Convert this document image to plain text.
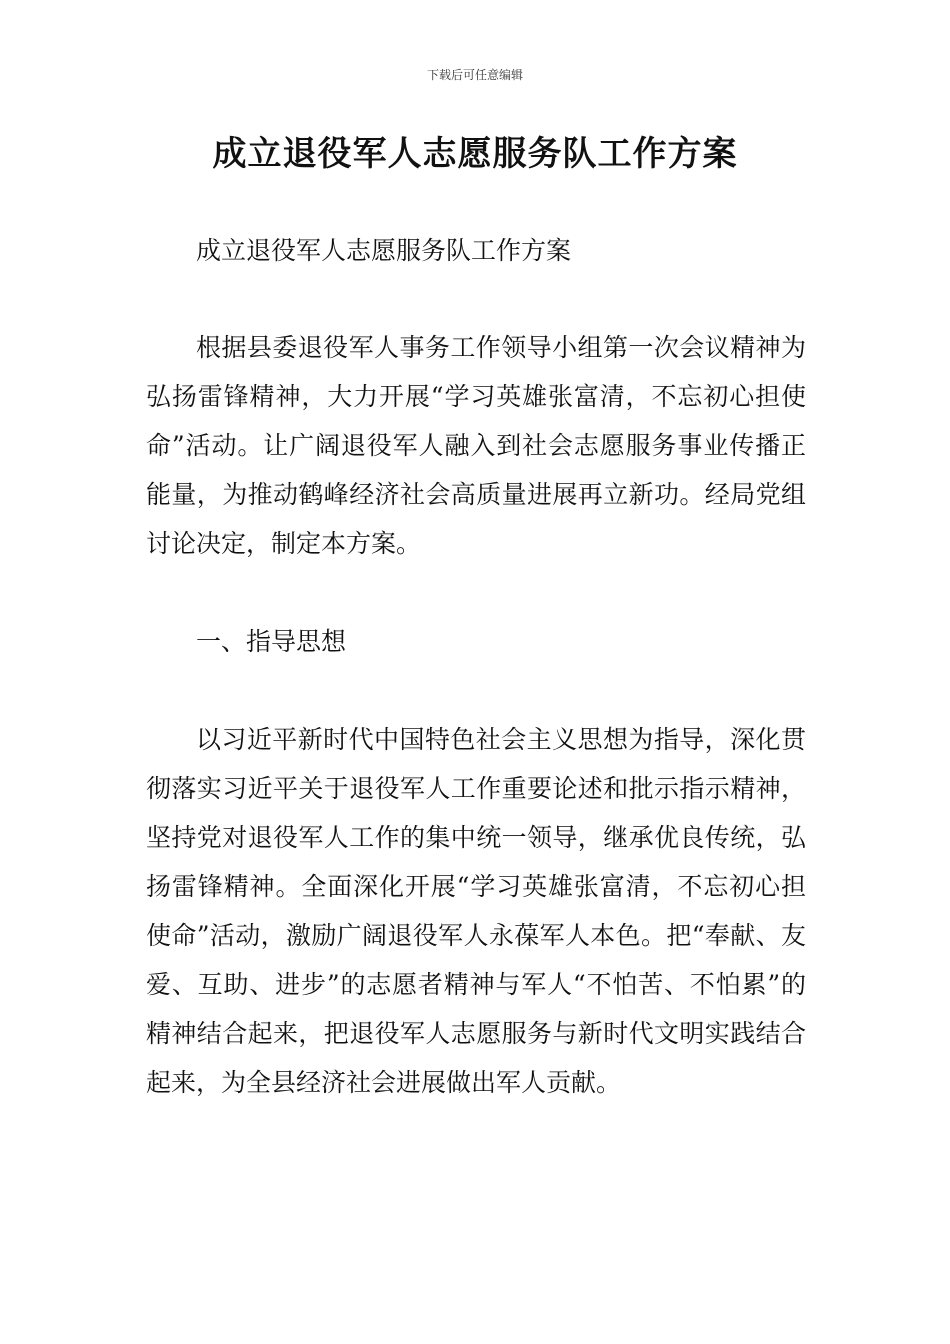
下载后可任意编辑
成立退役军人志愿服务队工作方案

成立退役军人志愿服务队工作方案

根据县委退役军人事务工作领导小组第一次会议精神为弘扬雷锋精神，大力开展“学习英雄张富清，不忘初心担使命”活动。让广阔退役军人融入到社会志愿服务事业传播正能量，为推动鹤峰经济社会高质量进展再立新功。经局党组讨论决定，制定本方案。

一、指导思想

以习近平新时代中国特色社会主义思想为指导，深化贯彻落实习近平关于退役军人工作重要论述和批示指示精神，坚持党对退役军人工作的集中统一领导，继承优良传统，弘扬雷锋精神。全面深化开展“学习英雄张富清，不忘初心担使命”活动，激励广阔退役军人永葆军人本色。把“奉献、友爱、互助、进步”的志愿者精神与军人“不怕苦、不怕累”的精神结合起来，把退役军人志愿服务与新时代文明实践结合起来，为全县经济社会进展做出军人贡献。
